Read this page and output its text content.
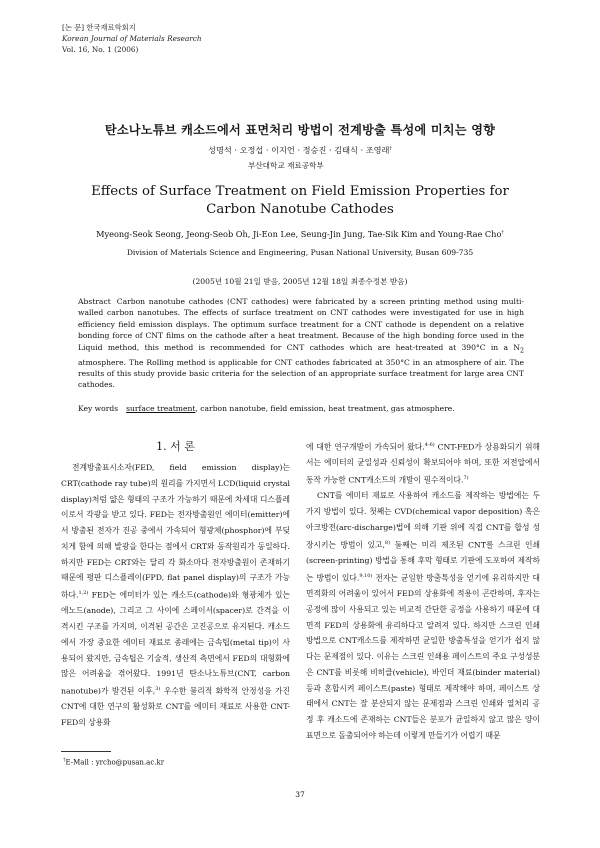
[논 문] 한국재료학회지
Korean Journal of Materials Research
Vol. 16, No. 1 (2006)
탄소나노튜브 캐소드에서 표면처리 방법이 전계방출 특성에 미치는 영향
성명석 · 오정섭 · 이지언 · 정승진 · 김태식 · 조영래†
부산대학교 재료공학부
Effects of Surface Treatment on Field Emission Properties for
Carbon Nanotube Cathodes
Myeong-Seok Seong, Jeong-Seob Oh, Ji-Eon Lee, Seung-Jin Jung, Tae-Sik Kim and Young-Rae Cho†
Division of Materials Science and Engineering, Pusan National University, Busan 609-735
(2005년 10월 21일 받음, 2005년 12월 18일 최종수정본 받음)
Abstract Carbon nanotube cathodes (CNT cathodes) were fabricated by a screen printing method using multi-walled carbon nanotubes. The effects of surface treatment on CNT cathodes were investigated for use in high efficiency field emission displays. The optimum surface treatment for a CNT cathode is dependent on a relative bonding force of CNT films on the cathode after a heat treatment. Because of the high bonding force used in the Liquid method, this method is recommended for CNT cathodes which are heat-treated at 390°C in a $N_2$ atmosphere. The Rolling method is applicable for CNT cathodes fabricated at 350°C in an atmosphere of air. The results of this study provide basic criteria for the selection of an appropriate surface treatment for large area CNT cathodes.
Key words surface treatment, carbon nanotube, field emission, heat treatment, gas atmosphere.
1. 서 론

전계방출표시소자(FED, field emission display)는 CRT(cathode ray tube)의 원리를 가지면서 LCD(liquid crystal display)처럼 얇은 형태의 구조가 가능하기 때문에 차세대 디스플레이로서 각광을 받고 있다. FED는 전자방출원인 에미터(emitter)에서 방출된 전자가 진공 중에서 가속되어 형광체(phosphor)에 부딪치게 함에 의해 발광을 한다는 점에서 CRT와 동작원리가 동일하다. 하지만 FED는 CRT와는 달리 각 화소마다 전자방출원이 존재하기 때문에 평판 디스플레이(FPD, flat panel display)의 구조가 가능하다.$^{1,2)}$ FED는 에미터가 있는 캐소드(cathode)와 형광체가 있는 애노드(anode), 그리고 그 사이에 스페이서(spacer)로 간격을 이격시킨 구조를 가지며, 이격된 공간은 고진공으로 유지된다. 캐소드에서 가장 중요한 에미터 재료로 종래에는 금속팁(metal tip)이 사용되어 왔지만, 금속팁은 기술적, 생산적 측면에서 FED의 대형화에 많은 어려움을 겪어왔다. 1991년 탄소나노튜브(CNT, carbon nanotube)가 발견된 이후,$^{3)}$ 우수한 물리적 화학적 안정성을 가진 CNT에 대한 연구의 활성화로 CNT를 에미터 재료로 사용한 CNT-FED의 상용화

에 대한 연구개발이 가속되어 왔다.$^{4-6)}$ CNT-FED가 상용화되기 위해서는 에미터의 균일성과 신뢰성이 확보되어야 하며, 또한 저전압에서 동작 가능한 CNT캐소드의 개발이 필수적이다.$^{7)}$

CNT를 에미터 재료로 사용하여 캐소드를 제작하는 방법에는 두 가지 방법이 있다. 첫째는 CVD(chemical vapor deposition) 혹은 아크방전(arc-discharge)법에 의해 기판 위에 직접 CNT를 합성 성장시키는 방법이 있고,$^{8)}$ 둘째는 미리 제조된 CNT를 스크린 인쇄(screen-printing) 방법을 통해 후막 형태로 기판에 도포하여 제작하는 방법이 있다.$^{9,10)}$ 전자는 균일한 방출특성을 얻기에 유리하지만 대면적화의 어려움이 있어서 FED의 상용화에 적용이 곤란하며, 후자는 공정에 많이 사용되고 있는 비교적 간단한 공정을 사용하기 때문에 대면적 FED의 상용화에 유리하다고 알려져 있다. 하지만 스크린 인쇄 방법으로 CNT캐소드를 제작하면 균일한 방출특성을 얻기가 쉽지 않다는 문제점이 있다. 이유는 스크린 인쇄용 페이스트의 주요 구성성분은 CNT를 비롯해 비히클(vehicle), 바인더 재료(binder material) 등과 혼합시켜 페이스트(paste) 형태로 제작해야 하며, 페이스트 상태에서 CNT는 잘 분산되지 않는 문제점과 스크린 인쇄와 열처리 공정 후 캐소드에 존재하는 CNT들은 분포가 균일하지 않고 많은 양이 표면으로 돌출되어야 하는데 이렇게 만들기가 어렵기 때문

†E-Mail : yrcho@pusan.ac.kr
37
